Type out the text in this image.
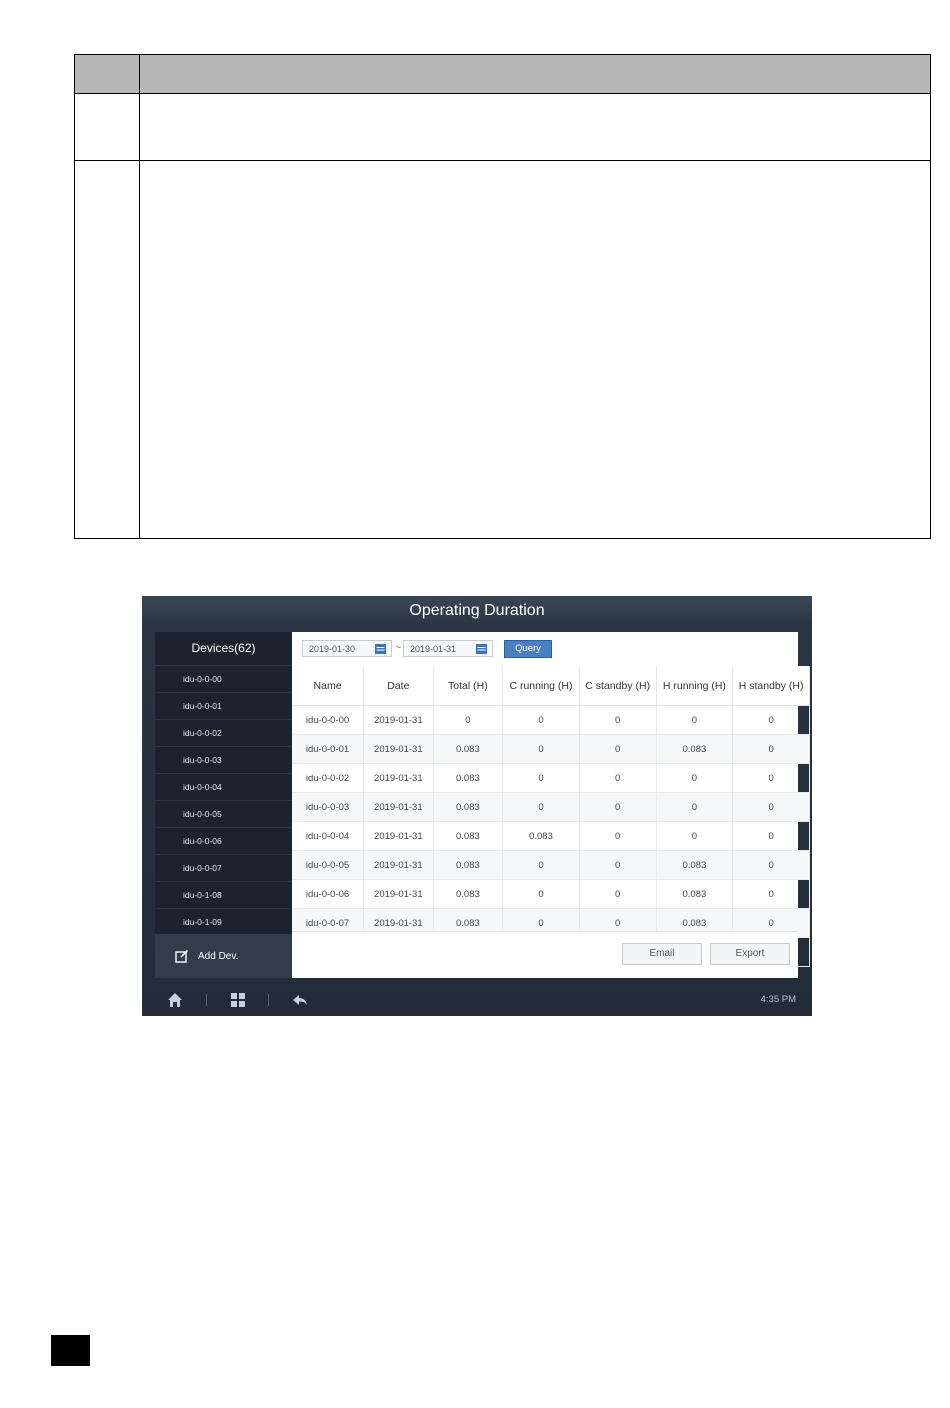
Operating Duration
Devices(62)
idu-0-0-00
idu-0-0-01
idu-0-0-02
idu-0-0-03
idu-0-0-04
idu-0-0-05
idu-0-0-06
idu-0-0-07
idu-0-1-08
idu-0-1-09
Add Dev.
2019-01-30	~ 2019-01-31	Query
Name	Date	Total (H)	C running (H)	C standby (H)	H running (H)	H standby (H)
idu-0-0-00	2019-01-31	0	0	0	0	0
idu-0-0-01	2019-01-31	0.083	0	0	0.083	0
idu-0-0-02	2019-01-31	0.083	0	0	0	0
idu-0-0-03	2019-01-31	0.083	0	0	0	0
idu-0-0-04	2019-01-31	0.083	0.083	0	0	0
idu-0-0-05	2019-01-31	0.083	0	0	0.083	0
idu-0-0-06	2019-01-31	0.083	0	0	0.083	0
idu-0-0-07	2019-01-31	0.083	0	0	0.083	0

Email	Export
4:35 PM
